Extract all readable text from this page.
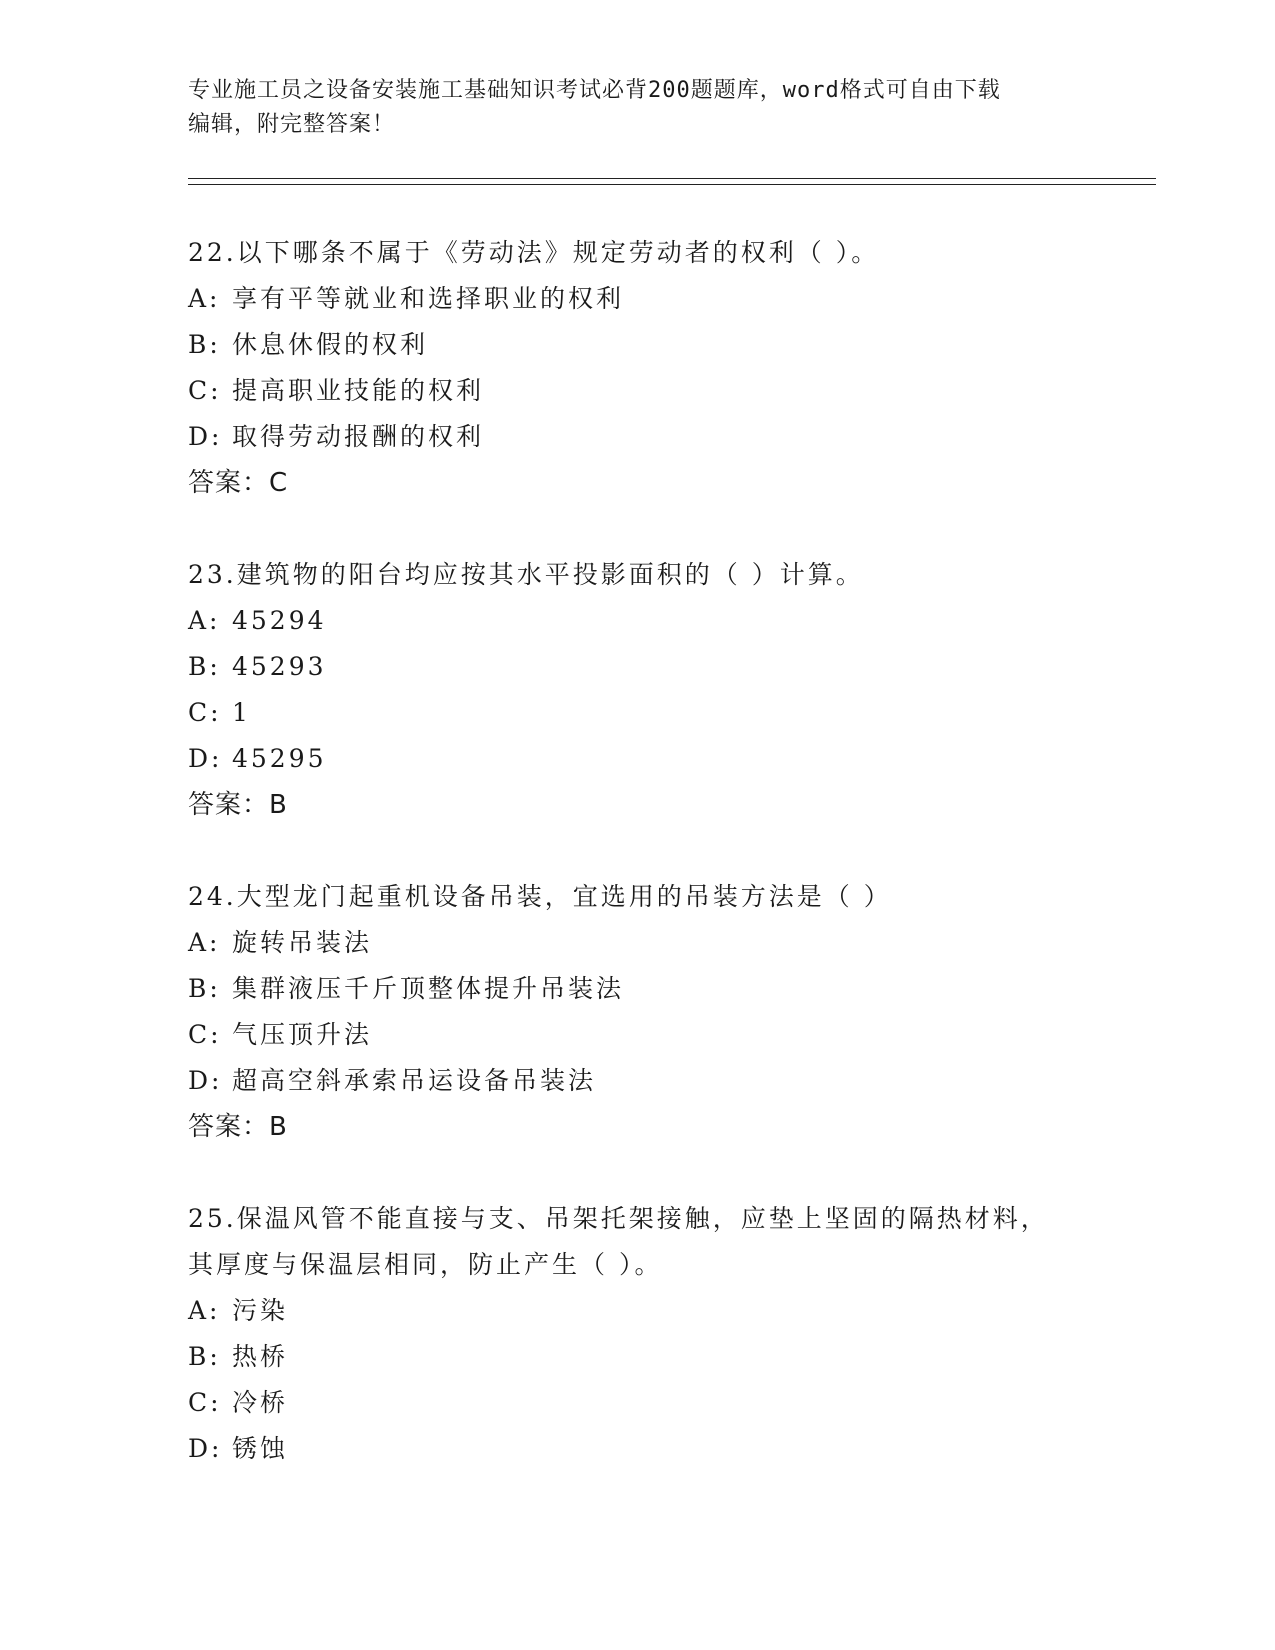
专业施工员之设备安装施工基础知识考试必背200题题库，word格式可自由下载
编辑，附完整答案！
22.以下哪条不属于《劳动法》规定劳动者的权利（ ）。
A: 享有平等就业和选择职业的权利
B: 休息休假的权利
C: 提高职业技能的权利
D: 取得劳动报酬的权利
答案：C
23.建筑物的阳台均应按其水平投影面积的（ ）计算。
A: 45294
B: 45293
C: 1
D: 45295
答案：B
24.大型龙门起重机设备吊装，宜选用的吊装方法是（ ）
A: 旋转吊装法
B: 集群液压千斤顶整体提升吊装法
C: 气压顶升法
D: 超高空斜承索吊运设备吊装法
答案：B
25.保温风管不能直接与支、吊架托架接触，应垫上坚固的隔热材料，
其厚度与保温层相同，防止产生（ ）。
A: 污染
B: 热桥
C: 冷桥
D: 锈蚀
